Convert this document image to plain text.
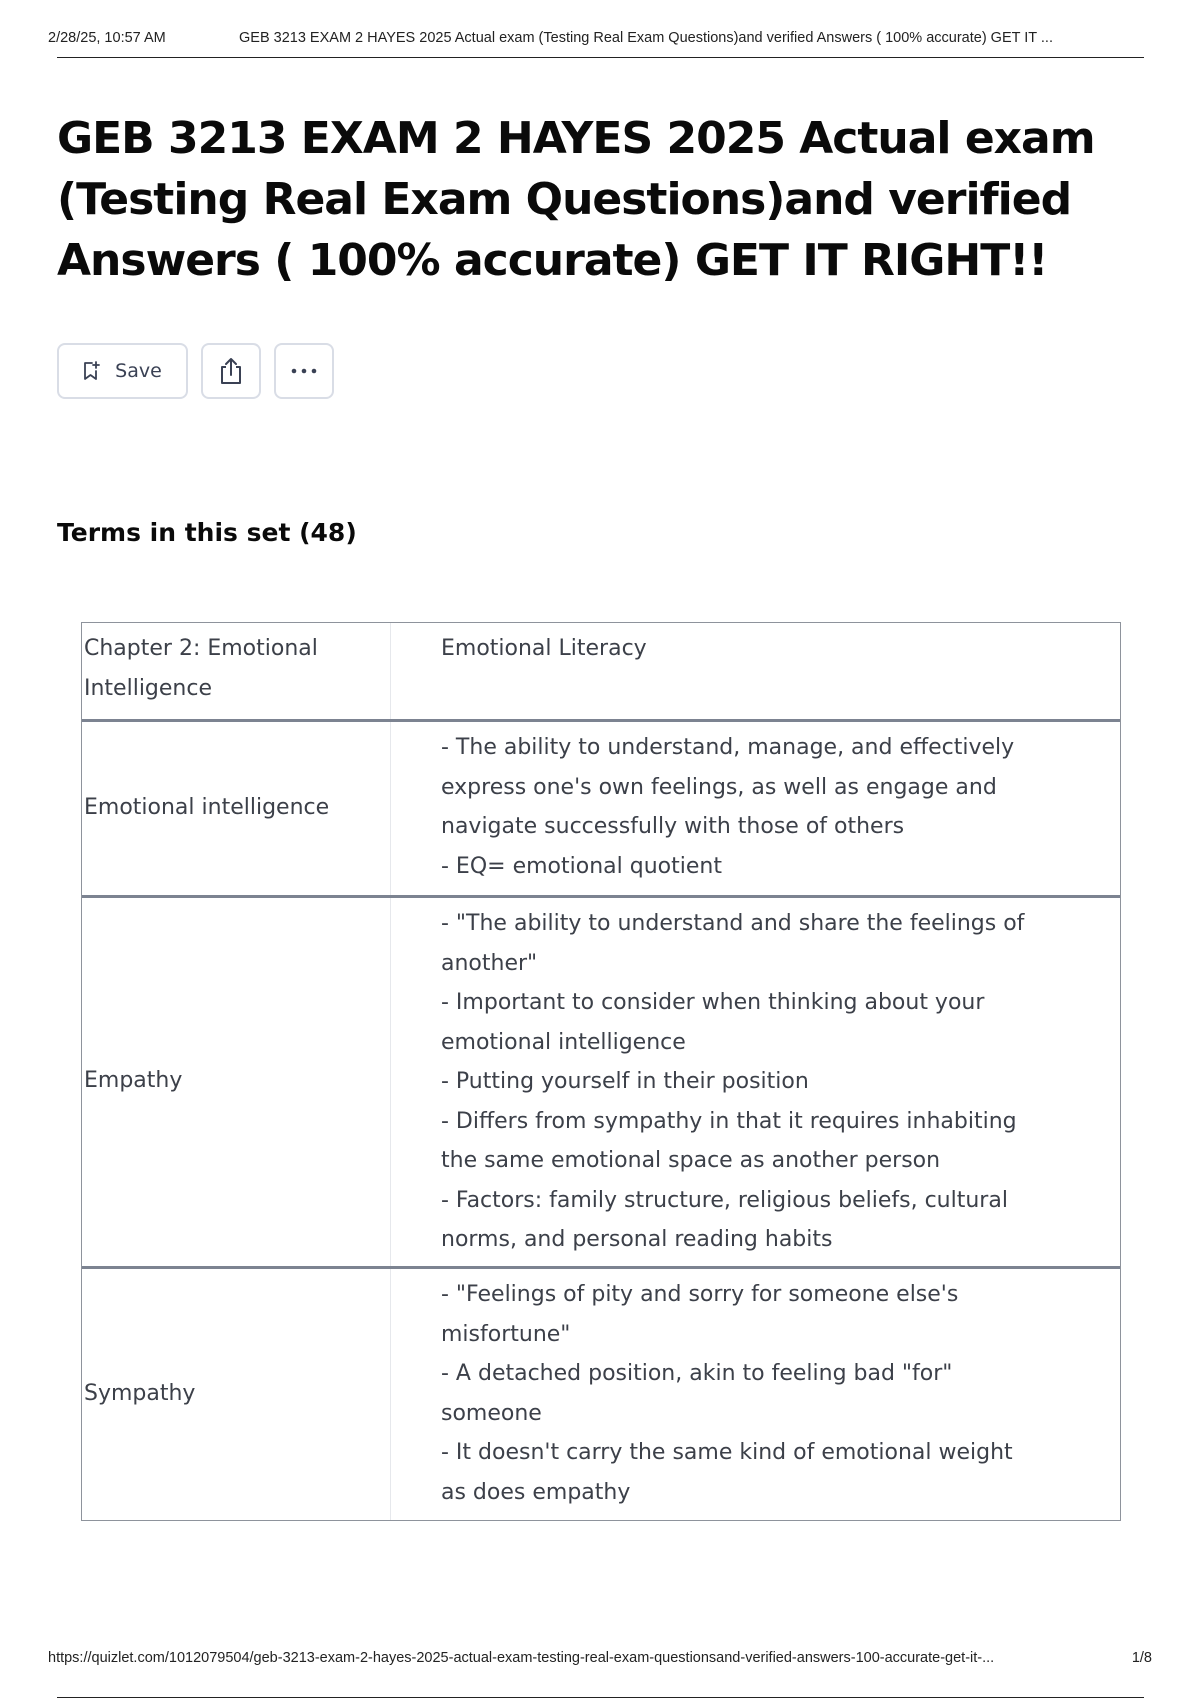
2/28/25, 10:57 AM	GEB 3213 EXAM 2 HAYES 2025 Actual exam (Testing Real Exam Questions)and verified Answers ( 100% accurate) GET IT ...
GEB 3213 EXAM 2 HAYES 2025 Actual exam
(Testing Real Exam Questions)and verified
Answers ( 100% accurate) GET IT RIGHT!!
Save
Terms in this set (48)
Chapter 2: Emotional Intelligence
Emotional Literacy
Emotional intelligence
- The ability to understand, manage, and effectively
express one's own feelings, as well as engage and
navigate successfully with those of others
- EQ= emotional quotient
Empathy
- "The ability to understand and share the feelings of
another"
- Important to consider when thinking about your
emotional intelligence
- Putting yourself in their position
- Differs from sympathy in that it requires inhabiting
the same emotional space as another person
- Factors: family structure, religious beliefs, cultural
norms, and personal reading habits
Sympathy
- "Feelings of pity and sorry for someone else's
misfortune"
- A detached position, akin to feeling bad "for"
someone
- It doesn't carry the same kind of emotional weight
as does empathy
https://quizlet.com/1012079504/geb-3213-exam-2-hayes-2025-actual-exam-testing-real-exam-questionsand-verified-answers-100-accurate-get-it-...	1/8
